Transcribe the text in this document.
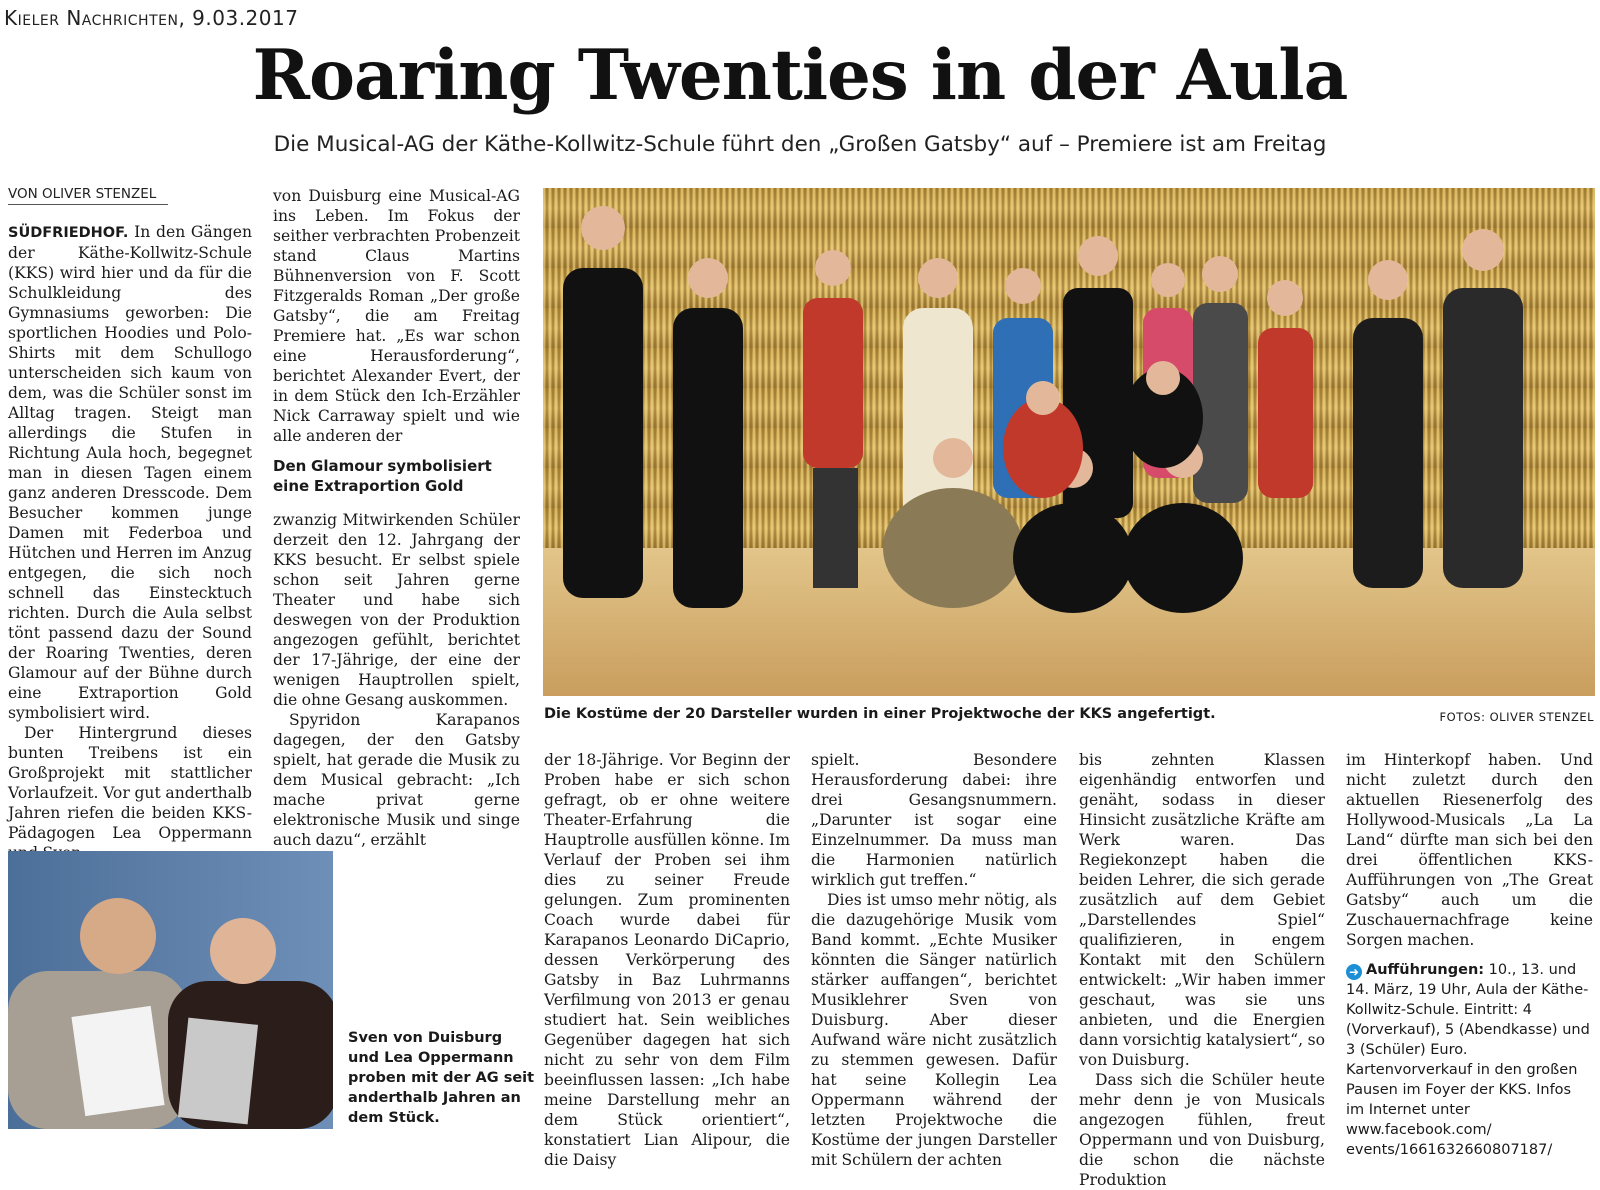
Kieler Nachrichten, 9.03.2017
Roaring Twenties in der Aula
Die Musical-AG der Käthe-Kollwitz-Schule führt den „Großen Gatsby“ auf – Premiere ist am Freitag
VON OLIVER STENZEL

SÜDFRIEDHOF. In den Gängen der Käthe-Kollwitz-Schule (KKS) wird hier und da für die Schulkleidung des Gymnasiums geworben: Die sportlichen Hoodies und Polo-Shirts mit dem Schullogo unterscheiden sich kaum von dem, was die Schüler sonst im Alltag tragen. Steigt man allerdings die Stufen in Richtung Aula hoch, begegnet man in diesen Tagen einem ganz anderen Dresscode. Dem Besucher kommen junge Damen mit Federboa und Hütchen und Herren im Anzug entgegen, die sich noch schnell das Einstecktuch richten. Durch die Aula selbst tönt passend dazu der Sound der Roaring Twenties, deren Glamour auf der Bühne durch eine Extraportion Gold symbolisiert wird.

Der Hintergrund dieses bunten Treibens ist ein Großprojekt mit stattlicher Vorlaufzeit. Vor gut anderthalb Jahren riefen die beiden KKS-Pädagogen Lea Oppermann

von Duisburg eine Musical-AG ins Leben. Im Fokus der seither verbrachten Probenzeit stand Claus Martins Bühnenversion von F. Scott Fitzgeralds Roman „Der große Gatsby“, die am Freitag Premiere hat. „Es war schon eine Herausforderung“, berichtet Alexander Evert, der in dem Stück den Ich-Erzähler Nick Carraway spielt und wie alle anderen der

Den Glamour symbolisiert eine Extraportion Gold

zwanzig Mitwirkenden Schüler derzeit den 12. Jahrgang der KKS besucht. Er selbst spiele schon seit Jahren gerne Theater und habe sich deswegen von der Produktion angezogen gefühlt, berichtet der 17-Jährige, der eine der wenigen Hauptrollen spielt, die ohne Gesang auskommen.

Spyridon Karapanos dagegen, der den Gatsby spielt, hat gerade die Musik zu dem Musical gebracht: „Ich mache privat gerne elektronische Musik und singe auch dazu“, erzählt

Die Kostüme der 20 Darsteller wurden in einer Projektwoche der KKS angefertigt.	FOTOS: OLIVER STENZEL

der 18-Jährige. Vor Beginn der Proben habe er sich schon gefragt, ob er ohne weitere Theater-Erfahrung die Hauptrolle ausfüllen könne. Im Verlauf der Proben sei ihm dies zu seiner Freude gelungen. Zum prominenten Coach wurde dabei für Karapanos Leonardo DiCaprio, dessen Verkörperung des Gatsby in Baz Luhrmanns Verfilmung von 2013 er genau studiert hat. Sein weibliches Gegenüber dagegen hat sich nicht zu sehr von dem Film beeinflussen lassen: „Ich habe meine Darstellung mehr an dem Stück orientiert“, konstatiert Lian Alipour, die die Daisy

spielt. Besondere Herausforderung dabei: ihre drei Gesangsnummern. „Darunter ist sogar eine Einzelnummer. Da muss man die Harmonien natürlich wirklich gut treffen.“

Dies ist umso mehr nötig, als die dazugehörige Musik vom Band kommt. „Echte Musiker könnten die Sänger natürlich stärker auffangen“, berichtet Musiklehrer Sven von Duisburg. Aber dieser Aufwand wäre nicht zusätzlich zu stemmen gewesen. Dafür hat seine Kollegin Lea Oppermann während der letzten Projektwoche die Kostüme der jungen Darsteller mit Schülern der achten

bis zehnten Klassen eigenhändig entworfen und genäht, sodass in dieser Hinsicht zusätzliche Kräfte am Werk waren. Das Regiekonzept haben die beiden Lehrer, die sich gerade zusätzlich auf dem Gebiet „Darstellendes Spiel“ qualifizieren, in engem Kontakt mit den Schülern entwickelt: „Wir haben immer geschaut, was sie uns anbieten, und die Energien dann vorsichtig katalysiert“, so von Duisburg.

Dass sich die Schüler heute mehr denn je von Musicals angezogen fühlen, freut Oppermann und von Duisburg, die schon die nächste Produktion

im Hinterkopf haben. Und nicht zuletzt durch den aktuellen Riesenerfolg des Hollywood-Musicals „La La Land“ dürfte man sich bei den drei öffentlichen KKS-Aufführungen von „The Great Gatsby“ auch um die Zuschauernachfrage keine Sorgen machen.

➜ Aufführungen: 10., 13. und 14. März, 19 Uhr, Aula der Käthe-Kollwitz-Schule. Eintritt: 4 (Vorverkauf), 5 (Abendkasse) und 3 (Schüler) Euro. Kartenvorverkauf in den großen Pausen im Foyer der KKS. Infos im Internet unter www.facebook.com/ events/1661632660807187/

Sven von Duisburg und Lea Oppermann proben mit der AG seit anderthalb Jahren an dem Stück.
